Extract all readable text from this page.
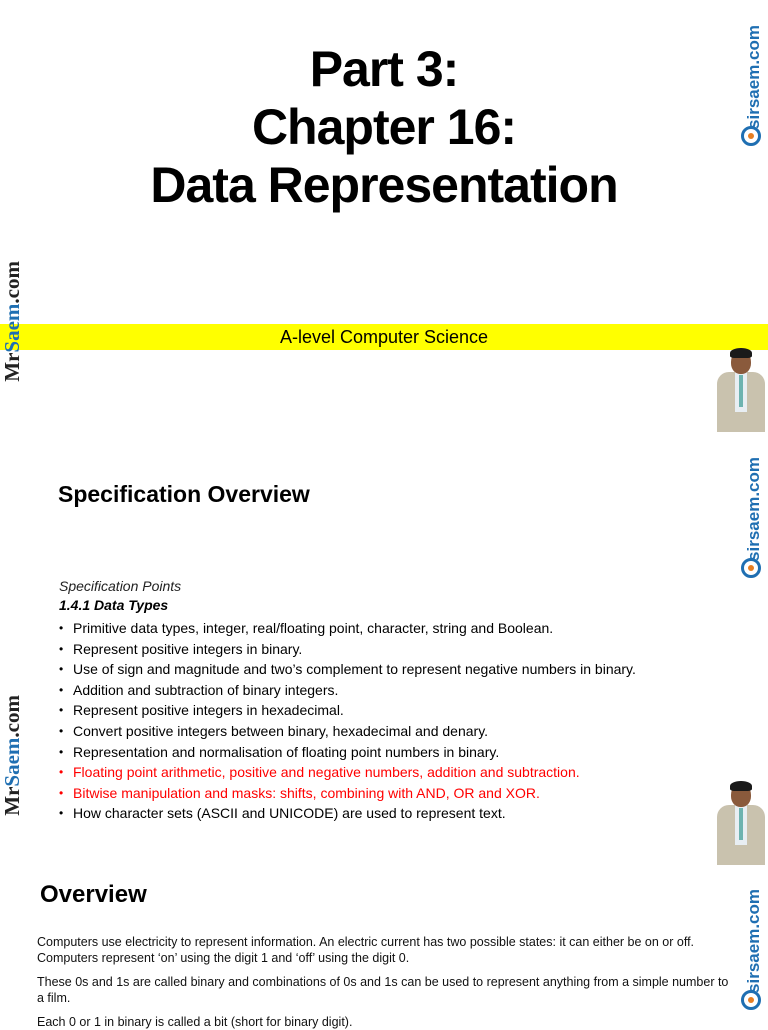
Part 3:
Chapter 16:
Data Representation
A-level Computer Science
sirsaem.com
sirsaem.com
sirsaem.com
MrSaem.com
MrSaem.com
Specification Overview
Specification Points
1.4.1 Data Types
• Primitive data types, integer, real/floating point, character, string and Boolean.
• Represent positive integers in binary.
• Use of sign and magnitude and two’s complement to represent negative numbers in binary.
• Addition and subtraction of binary integers.
• Represent positive integers in hexadecimal.
• Convert positive integers between binary, hexadecimal and denary.
• Representation and normalisation of floating point numbers in binary.
• Floating point arithmetic, positive and negative numbers, addition and subtraction.
• Bitwise manipulation and masks: shifts, combining with AND, OR and XOR.
• How character sets (ASCII and UNICODE) are used to represent text.
Overview
Computers use electricity to represent information. An electric current has two possible states: it can either be on or off. Computers represent ‘on’ using the digit 1 and ‘off’ using the digit 0.
These 0s and 1s are called binary and combinations of 0s and 1s can be used to represent anything from a simple number to a film.
Each 0 or 1 in binary is called a bit (short for binary digit).
